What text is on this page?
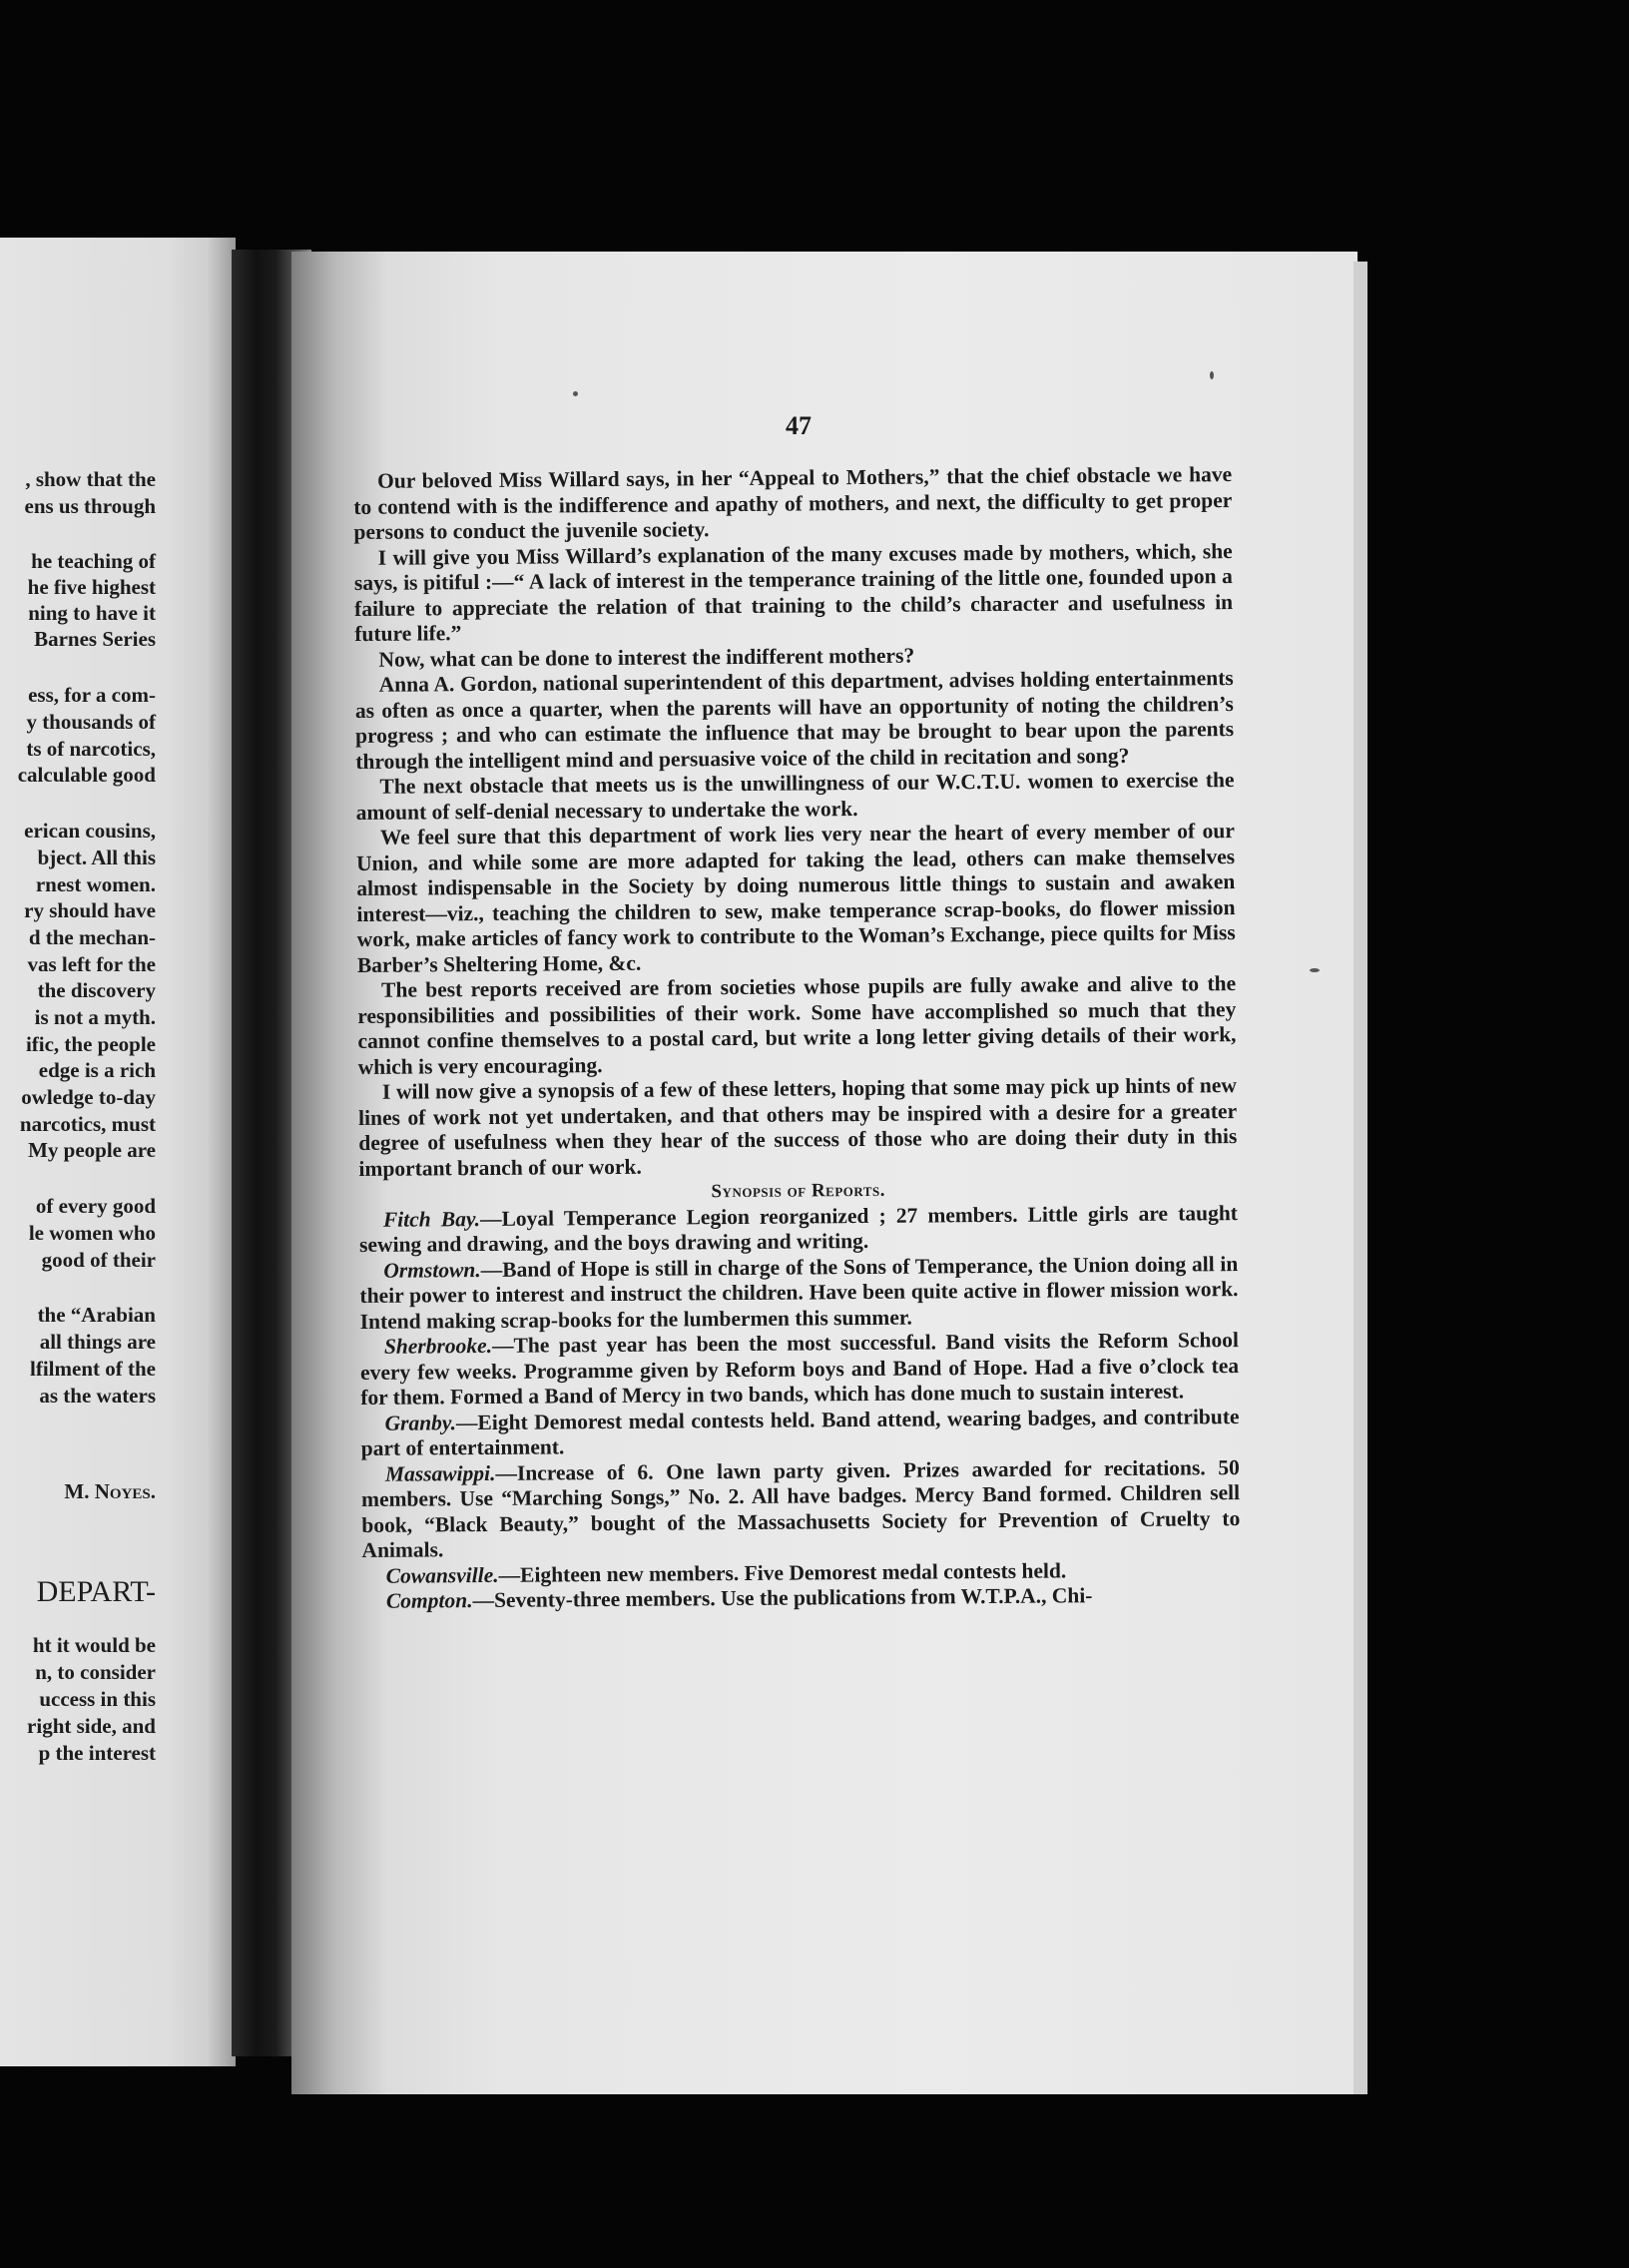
, show that the
ens us through
he teaching of
he five highest
ning to have it
Barnes Series
ess, for a com-
y thousands of
ts of narcotics,
calculable good
erican cousins,
bject. All this
rnest women.
ry should have
d the mechan-
vas left for the
the discovery
is not a myth.
ific, the people
edge is a rich
owledge to-day
narcotics, must
My people are
of every good
le women who
good of their
the “Arabian
all things are
lfilment of the
as the waters
M. Noyes.
DEPART-
ht it would be
n, to consider
uccess in this
right side, and
p the interest
47

Our beloved Miss Willard says, in her “Appeal to Mothers,” that the chief obstacle we have to contend with is the indifference and apathy of mothers, and next, the difficulty to get proper persons to conduct the juvenile society.

I will give you Miss Willard’s explanation of the many excuses made by mothers, which, she says, is pitiful :—“ A lack of interest in the temperance training of the little one, founded upon a failure to appreciate the relation of that training to the child’s character and usefulness in future life.”

Now, what can be done to interest the indifferent mothers?

Anna A. Gordon, national superintendent of this department, advises holding entertainments as often as once a quarter, when the parents will have an opportunity of noting the children’s progress ; and who can estimate the influence that may be brought to bear upon the parents through the intelligent mind and persuasive voice of the child in recitation and song?

The next obstacle that meets us is the unwillingness of our W.C.T.U. women to exercise the amount of self-denial necessary to undertake the work.

We feel sure that this department of work lies very near the heart of every member of our Union, and while some are more adapted for taking the lead, others can make themselves almost indispensable in the Society by doing numerous little things to sustain and awaken interest—viz., teaching the children to sew, make temperance scrap-books, do flower mission work, make articles of fancy work to contribute to the Woman’s Exchange, piece quilts for Miss Barber’s Sheltering Home, &c.

The best reports received are from societies whose pupils are fully awake and alive to the responsibilities and possibilities of their work. Some have accomplished so much that they cannot confine themselves to a postal card, but write a long letter giving details of their work, which is very encouraging.

I will now give a synopsis of a few of these letters, hoping that some may pick up hints of new lines of work not yet undertaken, and that others may be inspired with a desire for a greater degree of usefulness when they hear of the success of those who are doing their duty in this important branch of our work.

Synopsis of Reports.

Fitch Bay.—Loyal Temperance Legion reorganized ; 27 members. Little girls are taught sewing and drawing, and the boys drawing and writing.

Ormstown.—Band of Hope is still in charge of the Sons of Temperance, the Union doing all in their power to interest and instruct the children. Have been quite active in flower mission work. Intend making scrap-books for the lumbermen this summer.

Sherbrooke.—The past year has been the most successful. Band visits the Reform School every few weeks. Programme given by Reform boys and Band of Hope. Had a five o’clock tea for them. Formed a Band of Mercy in two bands, which has done much to sustain interest.

Granby.—Eight Demorest medal contests held. Band attend, wearing badges, and contribute part of entertainment.

Massawippi.—Increase of 6. One lawn party given. Prizes awarded for recitations. 50 members. Use “Marching Songs,” No. 2. All have badges. Mercy Band formed. Children sell book, “Black Beauty,” bought of the Massachusetts Society for Prevention of Cruelty to Animals.

Cowansville.—Eighteen new members. Five Demorest medal contests held.

Compton.—Seventy-three members. Use the publications from W.T.P.A., Chi-
